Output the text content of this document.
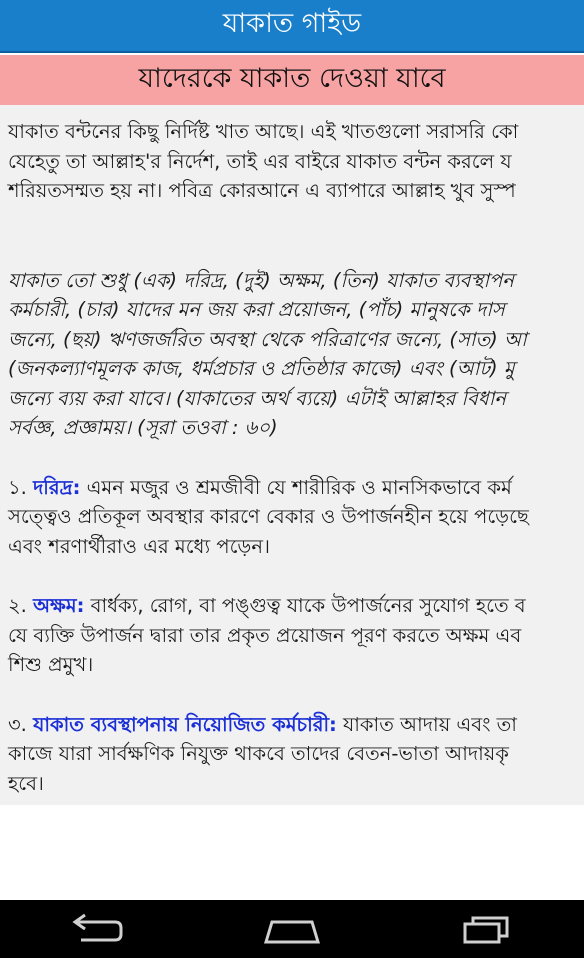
যাকাত গাইড
যাদেরকে যাকাত দেওয়া যাবে
যাকাত বন্টনের কিছু নির্দিষ্ট খাত আছে। এই খাতগুলো সরাসরি কো
যেহেতু তা আল্লাহ'র নির্দেশ, তাই এর বাইরে যাকাত বন্টন করলে য
শরিয়তসম্মত হয় না। পবিত্র কোরআনে এ ব্যাপারে আল্লাহ খুব সুস্প
যাকাত তো শুধু (এক) দরিদ্র, (দুই) অক্ষম, (তিন) যাকাত ব্যবস্থাপন
কর্মচারী, (চার) যাদের মন জয় করা প্রয়োজন, (পাঁচ) মানুষকে দাস
জন্যে, (ছয়) ঋণজর্জরিত অবস্থা থেকে পরিত্রাণের জন্যে, (সাত) আ
(জনকল্যাণমূলক কাজ, ধর্মপ্রচার ও প্রতিষ্ঠার কাজে) এবং (আট) মু
জন্যে ব্যয় করা যাবে। (যাকাতের অর্থ ব্যয়ে) এটাই আল্লাহর বিধান
সর্বজ্ঞ, প্রজ্ঞাময়। (সূরা তওবা : ৬০)
১. দরিদ্র: এমন মজুর ও শ্রমজীবী যে শারীরিক ও মানসিকভাবে কর্ম
সত্ত্বেও প্রতিকূল অবস্থার কারণে বেকার ও উপার্জনহীন হয়ে পড়েছে
এবং শরণার্থীরাও এর মধ্যে পড়েন।
২. অক্ষম: বার্ধক্য, রোগ, বা পঙ্গুত্ব যাকে উপার্জনের সুযোগ হতে ব
যে ব্যক্তি উপার্জন দ্বারা তার প্রকৃত প্রয়োজন পূরণ করতে অক্ষম এব
শিশু প্রমুখ।
৩. যাকাত ব্যবস্থাপনায় নিয়োজিত কর্মচারী: যাকাত আদায় এবং তা
কাজে যারা সার্বক্ষণিক নিযুক্ত থাকবে তাদের বেতন-ভাতা আদায়কৃ
হবে।
